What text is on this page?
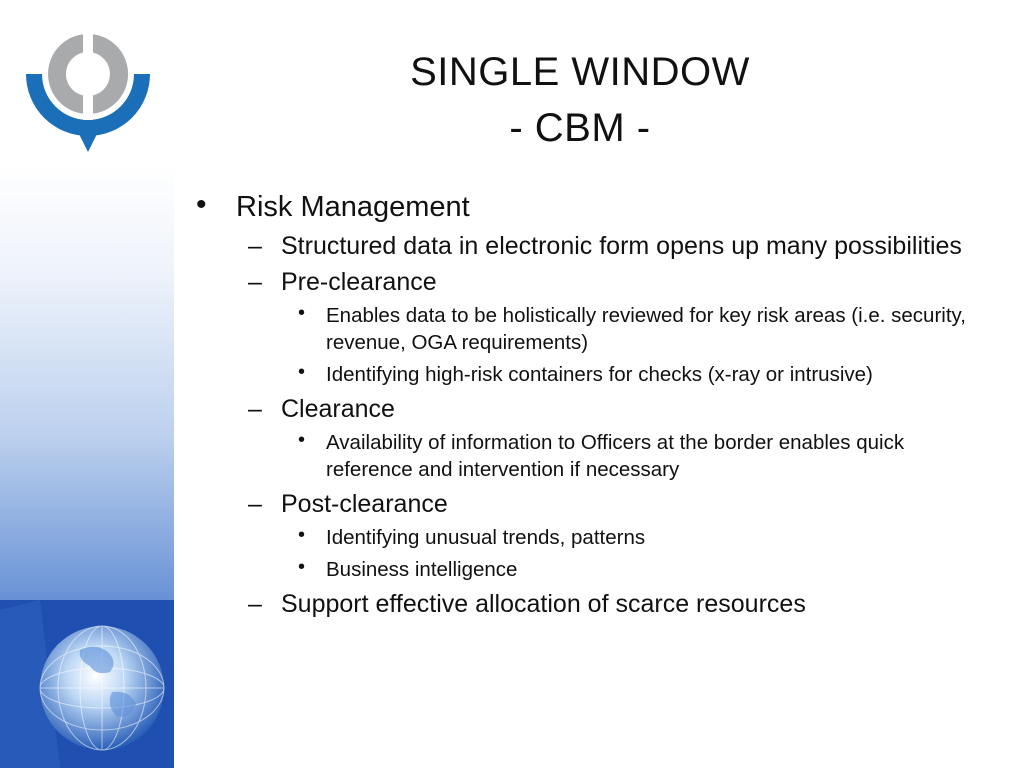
SINGLE WINDOW
- CBM -
• Risk Management
– Structured data in electronic form opens up many possibilities
– Pre-clearance
• Enables data to be holistically reviewed for key risk areas (i.e. security, revenue, OGA requirements)
• Identifying high-risk containers for checks (x-ray or intrusive)
– Clearance
• Availability of information to Officers at the border enables quick reference and intervention if necessary
– Post-clearance
• Identifying unusual trends, patterns
• Business intelligence
– Support effective allocation of scarce resources
